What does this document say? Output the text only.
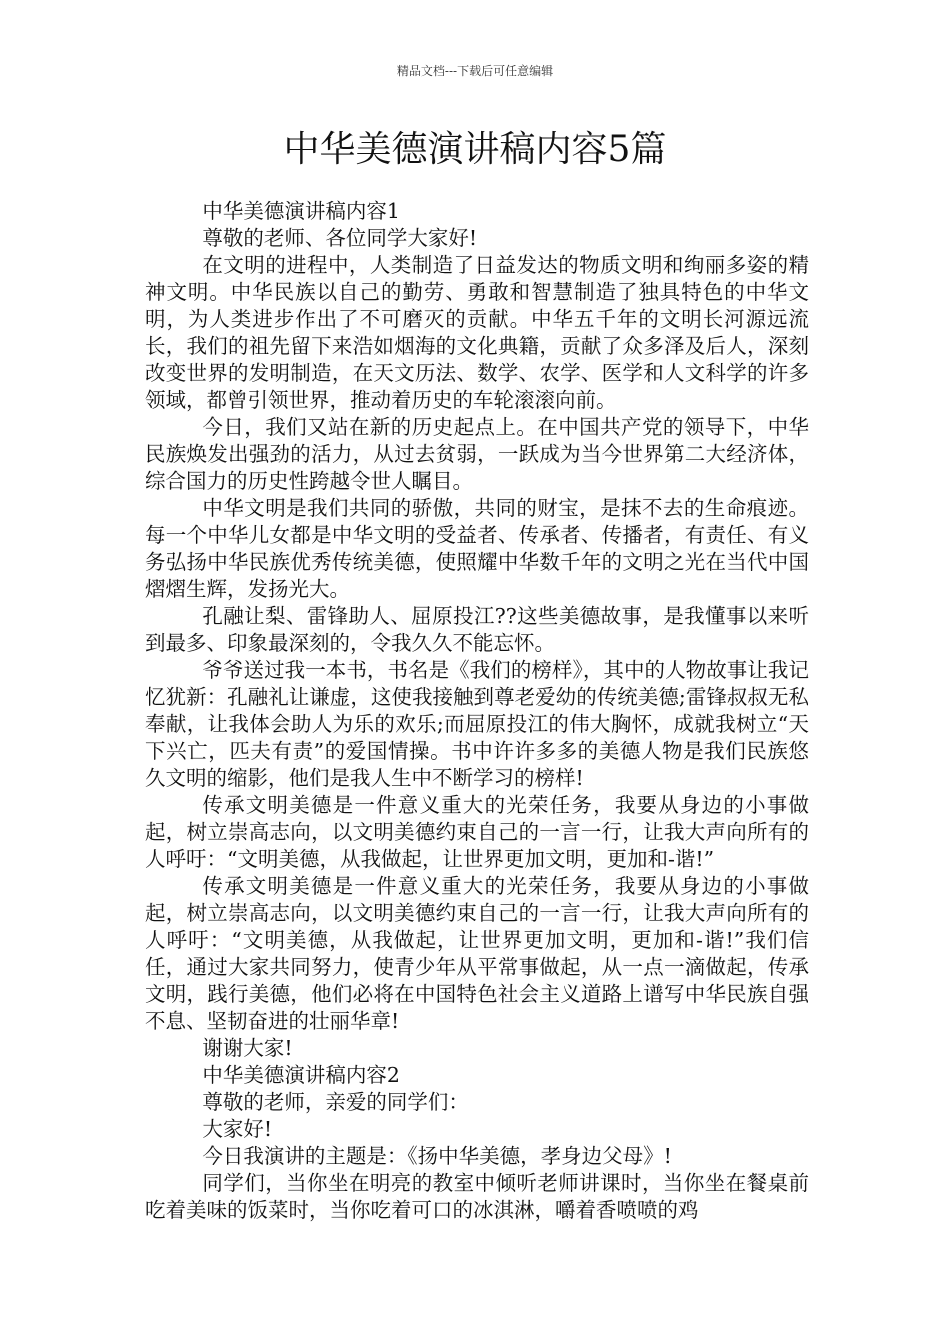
精品文档---下载后可任意编辑
中华美德演讲稿内容5篇

中华美德演讲稿内容1

尊敬的老师、各位同学大家好!

在文明的进程中，人类制造了日益发达的物质文明和绚丽多姿的精神文明。中华民族以自己的勤劳、勇敢和智慧制造了独具特色的中华文明，为人类进步作出了不可磨灭的贡献。中华五千年的文明长河源远流长，我们的祖先留下来浩如烟海的文化典籍，贡献了众多泽及后人，深刻改变世界的发明制造，在天文历法、数学、农学、医学和人文科学的许多领域，都曾引领世界，推动着历史的车轮滚滚向前。

今日，我们又站在新的历史起点上。在中国共产党的领导下，中华民族焕发出强劲的活力，从过去贫弱，一跃成为当今世界第二大经济体，综合国力的历史性跨越令世人瞩目。

中华文明是我们共同的骄傲，共同的财宝，是抹不去的生命痕迹。每一个中华儿女都是中华文明的受益者、传承者、传播者，有责任、有义务弘扬中华民族优秀传统美德，使照耀中华数千年的文明之光在当代中国熠熠生辉，发扬光大。

孔融让梨、雷锋助人、屈原投江??这些美德故事，是我懂事以来听到最多、印象最深刻的，令我久久不能忘怀。

爷爷送过我一本书，书名是《我们的榜样》，其中的人物故事让我记忆犹新：孔融礼让谦虚，这使我接触到尊老爱幼的传统美德;雷锋叔叔无私奉献，让我体会助人为乐的欢乐;而屈原投江的伟大胸怀，成就我树立“天下兴亡，匹夫有责”的爱国情操。书中许许多多的美德人物是我们民族悠久文明的缩影，他们是我人生中不断学习的榜样!

传承文明美德是一件意义重大的光荣任务，我要从身边的小事做起，树立崇高志向，以文明美德约束自己的一言一行，让我大声向所有的人呼吁：“文明美德，从我做起，让世界更加文明，更加和-谐!”

传承文明美德是一件意义重大的光荣任务，我要从身边的小事做起，树立崇高志向，以文明美德约束自己的一言一行，让我大声向所有的人呼吁：“文明美德，从我做起，让世界更加文明，更加和-谐!”我们信任，通过大家共同努力，使青少年从平常事做起，从一点一滴做起，传承文明，践行美德，他们必将在中国特色社会主义道路上谱写中华民族自强不息、坚韧奋进的壮丽华章!

谢谢大家!

中华美德演讲稿内容2

尊敬的老师，亲爱的同学们：

大家好!

今日我演讲的主题是：《扬中华美德，孝身边父母》!

同学们，当你坐在明亮的教室中倾听老师讲课时，当你坐在餐桌前吃着美味的饭菜时，当你吃着可口的冰淇淋，嚼着香喷喷的鸡
